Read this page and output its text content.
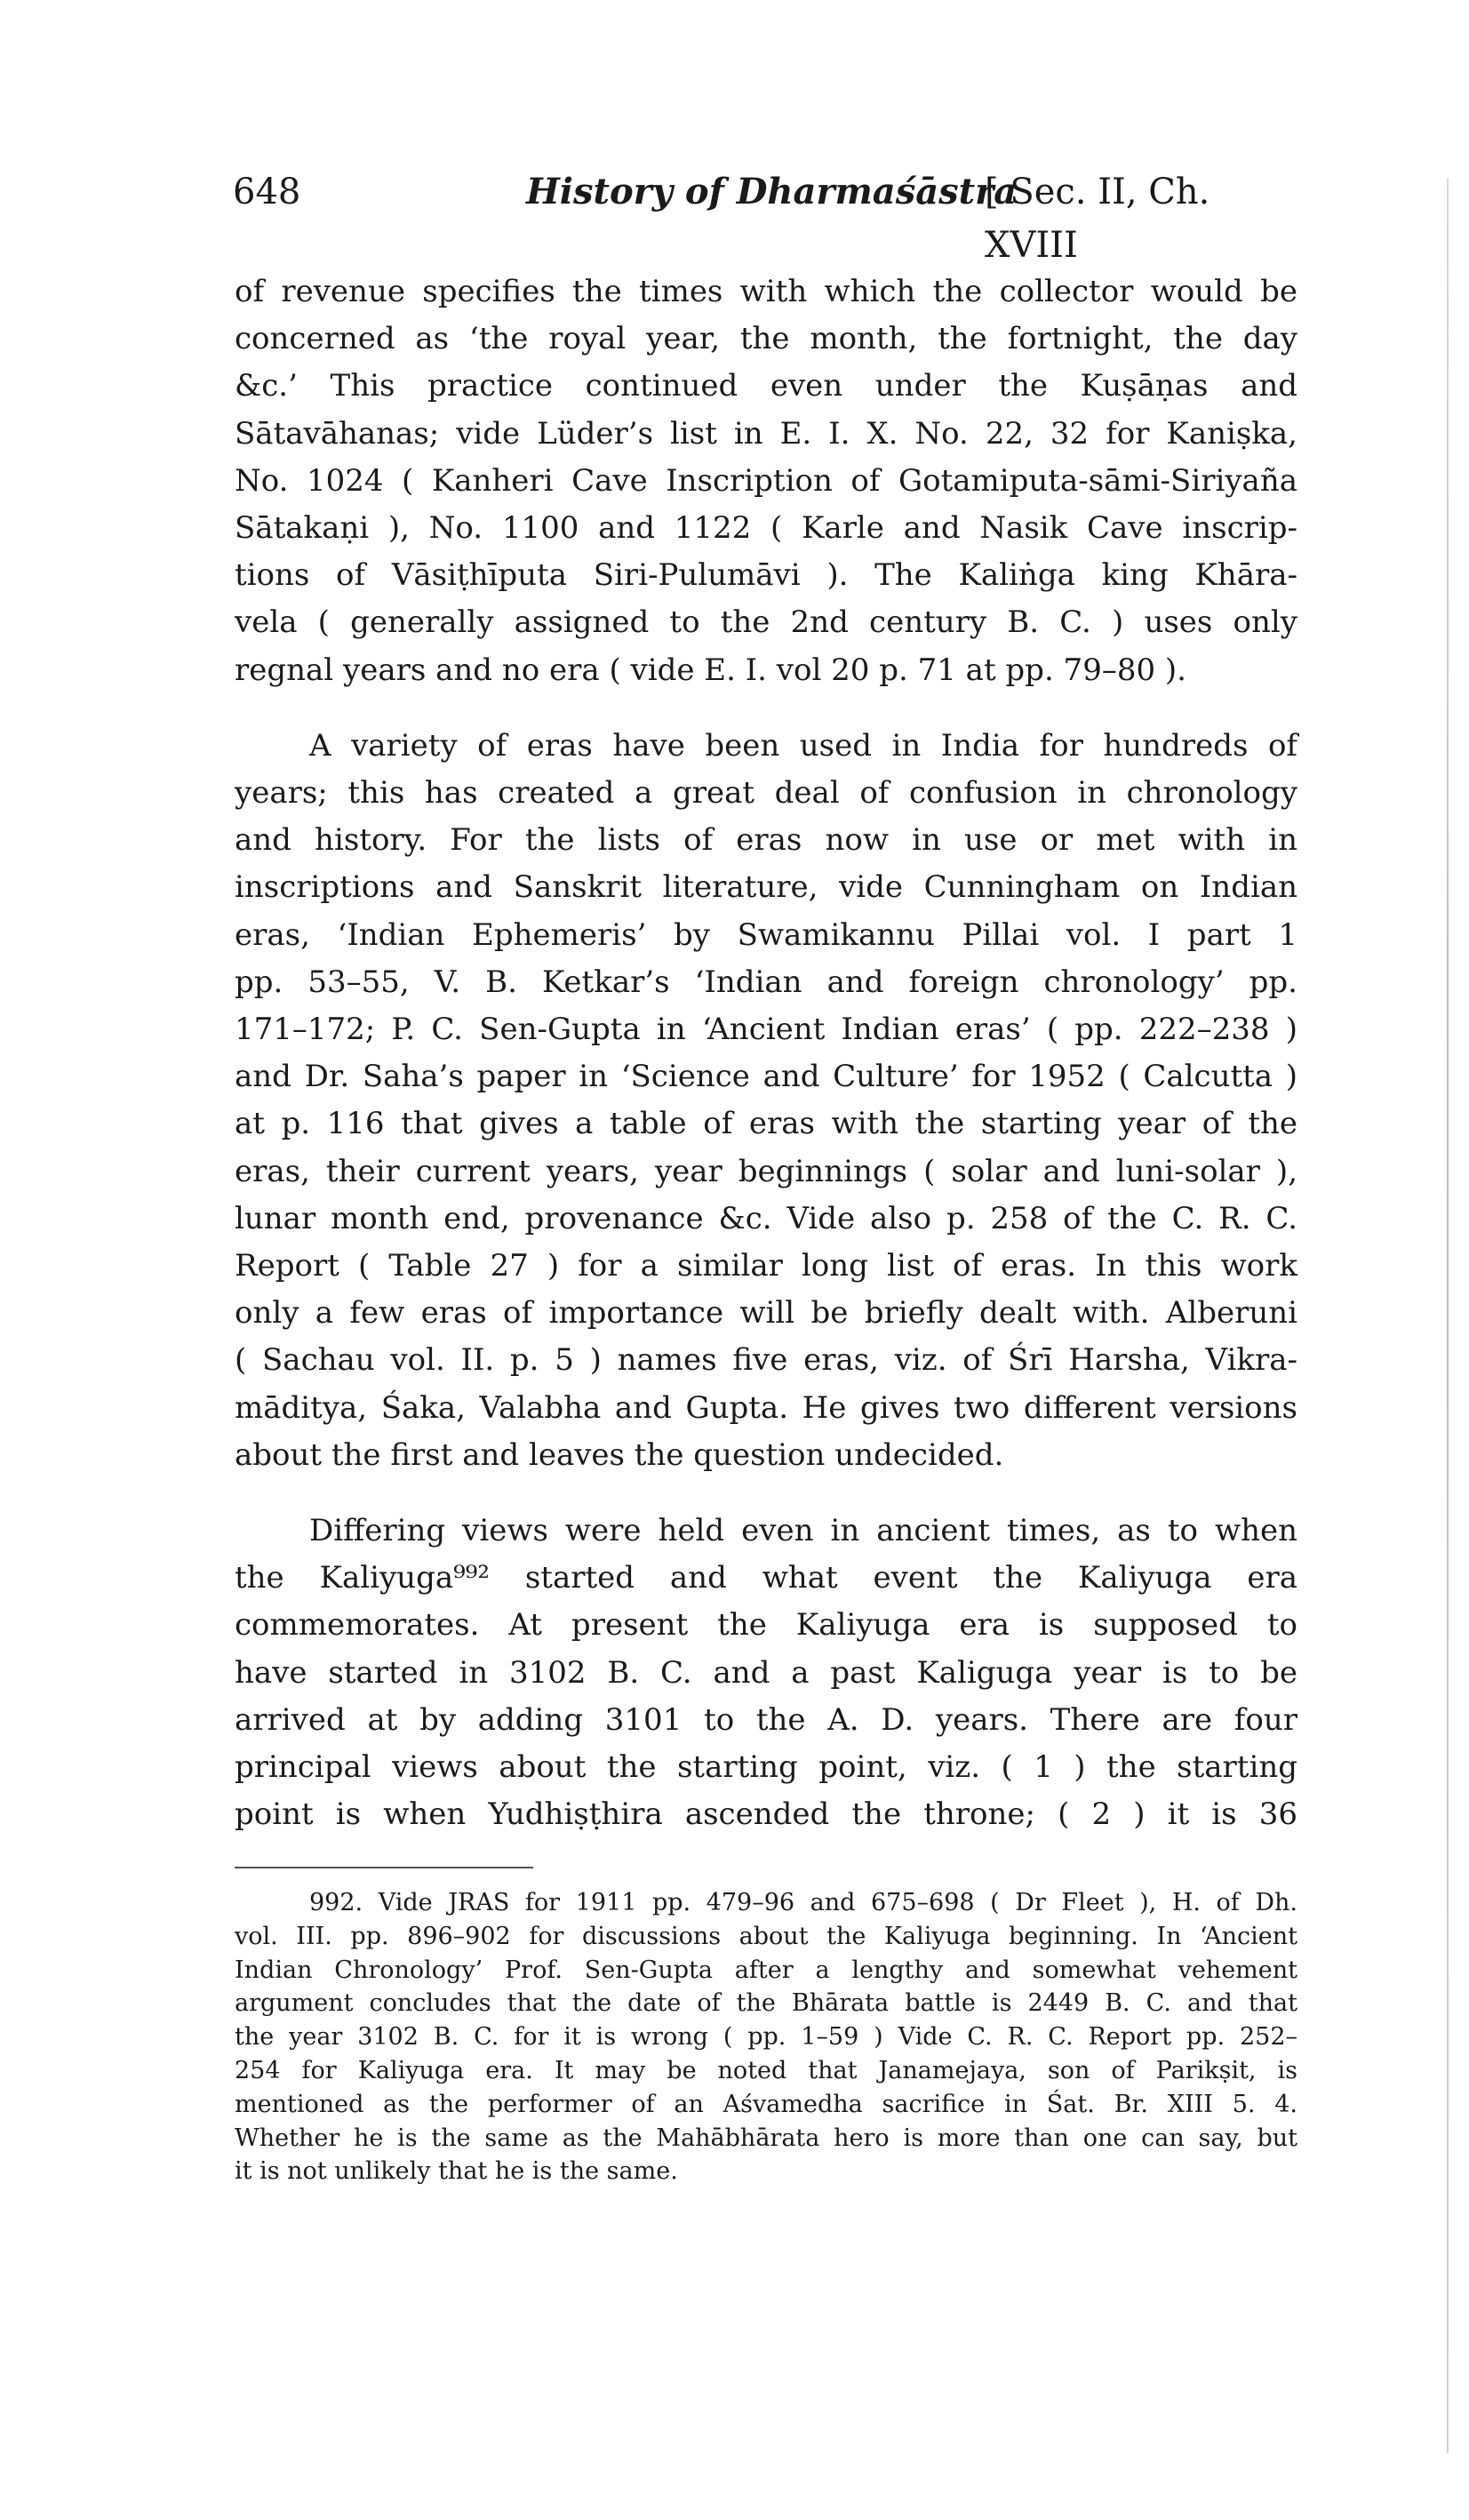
648	History of Dharmaśāstra
[ Sec. II, Ch. XVIII

of revenue specifies the times with which the collector would be
concerned as ‘the royal year, the month, the fortnight, the day
&c.’ This practice continued even under the Kuṣāṇas and
Sātavāhanas; vide Lüder’s list in E. I. X. No. 22, 32 for Kaniṣka,
No. 1024 ( Kanheri Cave Inscription of Gotamiputa-sāmi-Siriyaña
Sātakaṇi ), No. 1100 and 1122 ( Karle and Nasik Cave inscrip-
tions of Vāsiṭhīputa Siri-Pulumāvi ). The Kaliṅga king Khāra-
vela ( generally assigned to the 2nd century B. C. ) uses only
regnal years and no era ( vide E. I. vol 20 p. 71 at pp. 79–80 ).

A variety of eras have been used in India for hundreds of
years; this has created a great deal of confusion in chronology
and history. For the lists of eras now in use or met with in
inscriptions and Sanskrit literature, vide Cunningham on Indian
eras, ‘Indian Ephemeris’ by Swamikannu Pillai vol. I part 1
pp. 53–55, V. B. Ketkar’s ‘Indian and foreign chronology’ pp.
171–172; P. C. Sen-Gupta in ‘Ancient Indian eras’ ( pp. 222–238 )
and Dr. Saha’s paper in ‘Science and Culture’ for 1952 ( Calcutta )
at p. 116 that gives a table of eras with the starting year of the
eras, their current years, year beginnings ( solar and luni-solar ),
lunar month end, provenance &c. Vide also p. 258 of the C. R. C.
Report ( Table 27 ) for a similar long list of eras. In this work
only a few eras of importance will be briefly dealt with. Alberuni
( Sachau vol. II. p. 5 ) names five eras, viz. of Śrī Harsha, Vikra-
māditya, Śaka, Valabha and Gupta. He gives two different versions
about the first and leaves the question undecided.

Differing views were held even in ancient times, as to when
the Kaliyuga⁹⁹² started and what event the Kaliyuga era
commemorates. At present the Kaliyuga era is supposed to
have started in 3102 B. C. and a past Kaliguga year is to be
arrived at by adding 3101 to the A. D. years. There are four
principal views about the starting point, viz. ( 1 ) the starting
point is when Yudhiṣṭhira ascended the throne; ( 2 ) it is 36

992. Vide JRAS for 1911 pp. 479–96 and 675–698 ( Dr Fleet ), H. of Dh.
vol. III. pp. 896–902 for discussions about the Kaliyuga beginning. In ‘Ancient
Indian Chronology’ Prof. Sen-Gupta after a lengthy and somewhat vehement
argument concludes that the date of the Bhārata battle is 2449 B. C. and that
the year 3102 B. C. for it is wrong ( pp. 1–59 ) Vide C. R. C. Report pp. 252–
254 for Kaliyuga era. It may be noted that Janamejaya, son of Parikṣit, is
mentioned as the performer of an Aśvamedha sacrifice in Śat. Br. XIII 5. 4.
Whether he is the same as the Mahābhārata hero is more than one can say, but
it is not unlikely that he is the same.
